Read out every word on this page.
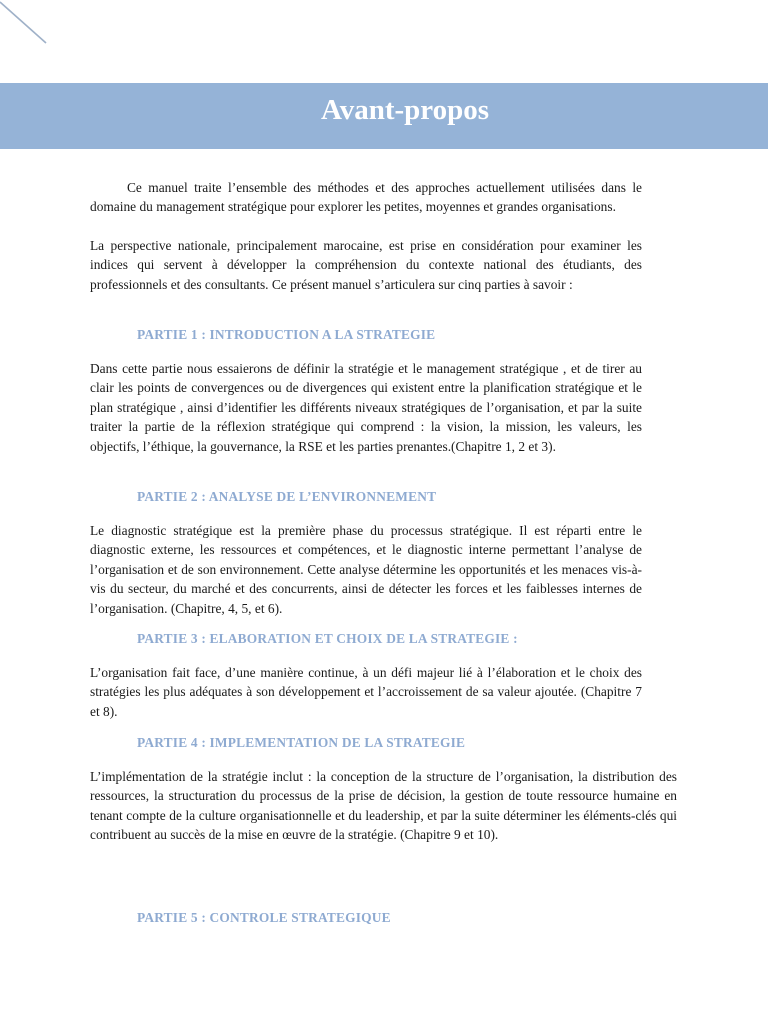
Avant-propos

Ce manuel traite l’ensemble des méthodes et des approches actuellement utilisées dans le domaine du management stratégique pour explorer les petites, moyennes et grandes organisations.

La perspective nationale, principalement marocaine, est prise en considération pour examiner les indices qui servent à développer la compréhension du contexte national des étudiants, des professionnels et des consultants. Ce présent manuel s’articulera sur cinq parties à savoir :

PARTIE 1 : INTRODUCTION A LA STRATEGIE

Dans cette partie nous essaierons de définir la stratégie et le management stratégique , et de tirer au clair les points de convergences ou de divergences qui existent entre la planification stratégique et le plan stratégique , ainsi d’identifier les différents niveaux stratégiques de l’organisation, et par la suite traiter la partie de la réflexion stratégique qui comprend : la vision, la mission, les valeurs, les objectifs, l’éthique, la gouvernance, la RSE et les parties prenantes.(Chapitre 1, 2 et 3).

PARTIE 2 : ANALYSE DE L’ENVIRONNEMENT

Le diagnostic stratégique est la première phase du processus stratégique. Il est réparti entre le diagnostic externe, les ressources et compétences, et le diagnostic interne permettant l’analyse de l’organisation et de son environnement. Cette analyse détermine les opportunités et les menaces vis-à-vis du secteur, du marché et des concurrents, ainsi de détecter les forces et les faiblesses internes de l’organisation. (Chapitre, 4, 5, et 6).

PARTIE 3 : ELABORATION ET CHOIX DE LA STRATEGIE :

L’organisation fait face, d’une manière continue, à un défi majeur lié à l’élaboration et le choix des stratégies les plus adéquates à son développement et l’accroissement de sa valeur ajoutée. (Chapitre 7 et 8).

PARTIE 4 : IMPLEMENTATION DE LA STRATEGIE

L’implémentation de la stratégie inclut : la conception de la structure de l’organisation, la distribution des ressources, la structuration du processus de la prise de décision, la gestion de toute ressource humaine en tenant compte de la culture organisationnelle et du leadership, et par la suite déterminer les éléments-clés qui contribuent au succès de la mise en œuvre de la stratégie. (Chapitre 9 et 10).

PARTIE 5 : CONTROLE STRATEGIQUE
